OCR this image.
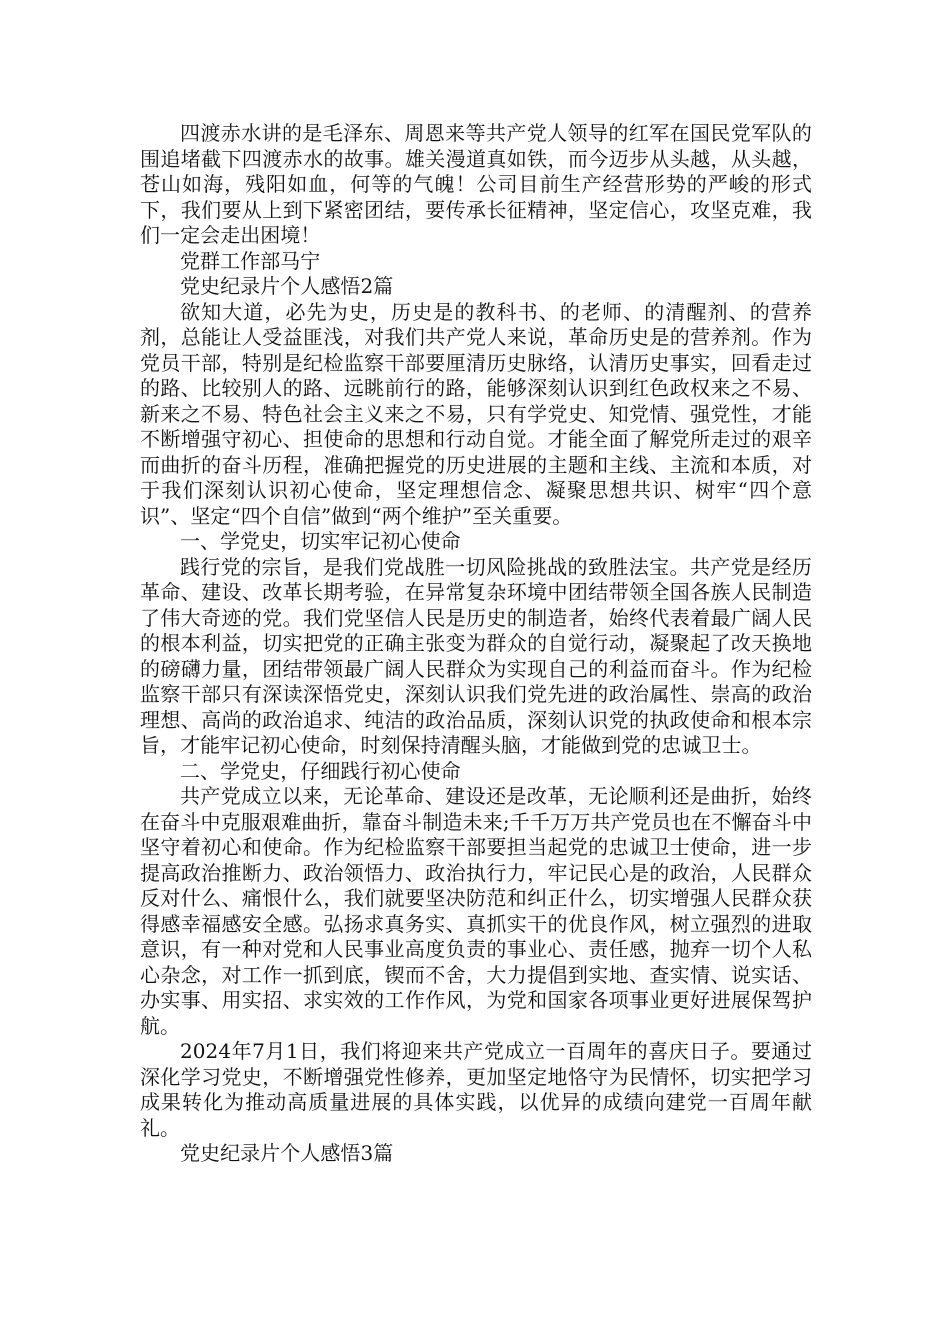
四渡赤水讲的是毛泽东、周恩来等共产党人领导的红军在国民党军队的围追堵截下四渡赤水的故事。雄关漫道真如铁，而今迈步从头越，从头越，苍山如海，残阳如血，何等的气魄！公司目前生产经营形势的严峻的形式下，我们要从上到下紧密团结，要传承长征精神，坚定信心，攻坚克难，我们一定会走出困境！

党群工作部马宁

党史纪录片个人感悟2篇

欲知大道，必先为史，历史是的教科书、的老师、的清醒剂、的营养剂，总能让人受益匪浅，对我们共产党人来说，革命历史是的营养剂。作为党员干部，特别是纪检监察干部要厘清历史脉络，认清历史事实，回看走过的路、比较别人的路、远眺前行的路，能够深刻认识到红色政权来之不易、新来之不易、特色社会主义来之不易，只有学党史、知党情、强党性，才能不断增强守初心、担使命的思想和行动自觉。才能全面了解党所走过的艰辛而曲折的奋斗历程，准确把握党的历史进展的主题和主线、主流和本质，对于我们深刻认识初心使命，坚定理想信念、凝聚思想共识、树牢“四个意识”、坚定“四个自信”做到“两个维护”至关重要。

一、学党史，切实牢记初心使命

践行党的宗旨，是我们党战胜一切风险挑战的致胜法宝。共产党是经历革命、建设、改革长期考验，在异常复杂环境中团结带领全国各族人民制造了伟大奇迹的党。我们党坚信人民是历史的制造者，始终代表着最广阔人民的根本利益，切实把党的正确主张变为群众的自觉行动，凝聚起了改天换地的磅礴力量，团结带领最广阔人民群众为实现自己的利益而奋斗。作为纪检监察干部只有深读深悟党史，深刻认识我们党先进的政治属性、崇高的政治理想、高尚的政治追求、纯洁的政治品质，深刻认识党的执政使命和根本宗旨，才能牢记初心使命，时刻保持清醒头脑，才能做到党的忠诚卫士。

二、学党史，仔细践行初心使命

共产党成立以来，无论革命、建设还是改革，无论顺利还是曲折，始终在奋斗中克服艰难曲折，靠奋斗制造未来;千千万万共产党员也在不懈奋斗中坚守着初心和使命。作为纪检监察干部要担当起党的忠诚卫士使命，进一步提高政治推断力、政治领悟力、政治执行力，牢记民心是的政治，人民群众反对什么、痛恨什么，我们就要坚决防范和纠正什么，切实增强人民群众获得感幸福感安全感。弘扬求真务实、真抓实干的优良作风，树立强烈的进取意识，有一种对党和人民事业高度负责的事业心、责任感，抛弃一切个人私心杂念，对工作一抓到底，锲而不舍，大力提倡到实地、查实情、说实话、办实事、用实招、求实效的工作作风，为党和国家各项事业更好进展保驾护航。

2024年7月1日，我们将迎来共产党成立一百周年的喜庆日子。要通过深化学习党史，不断增强党性修养，更加坚定地恪守为民情怀，切实把学习成果转化为推动高质量进展的具体实践，以优异的成绩向建党一百周年献礼。

党史纪录片个人感悟3篇
